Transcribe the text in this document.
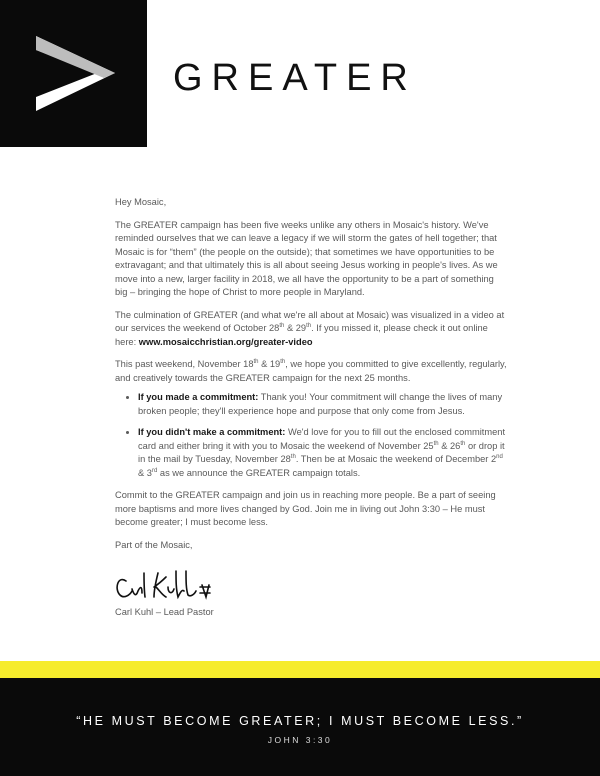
GREATER

Hey Mosaic,

The GREATER campaign has been five weeks unlike any others in Mosaic's history. We've reminded ourselves that we can leave a legacy if we will storm the gates of hell together; that Mosaic is for “them” (the people on the outside); that sometimes we have opportunities to be extravagant; and that ultimately this is all about seeing Jesus working in people's lives. As we move into a new, larger facility in 2018, we all have the opportunity to be a part of something big – bringing the hope of Christ to more people in Maryland.

The culmination of GREATER (and what we're all about at Mosaic) was visualized in a video at our services the weekend of October 28th & 29th. If you missed it, please check it out online here: www.mosaicchristian.org/greater-video

This past weekend, November 18th & 19th, we hope you committed to give excellently, regularly, and creatively towards the GREATER campaign for the next 25 months.

If you made a commitment: Thank you! Your commitment will change the lives of many broken people; they'll experience hope and purpose that only come from Jesus.
If you didn't make a commitment: We'd love for you to fill out the enclosed commitment card and either bring it with you to Mosaic the weekend of November 25th & 26th or drop it in the mail by Tuesday, November 28th. Then be at Mosaic the weekend of December 2nd & 3rd as we announce the GREATER campaign totals.

Commit to the GREATER campaign and join us in reaching more people. Be a part of seeing more baptisms and more lives changed by God. Join me in living out John 3:30 – He must become greater; I must become less.

Part of the Mosaic,

Carl Kuhl – Lead Pastor
“HE MUST BECOME GREATER; I MUST BECOME LESS.”
JOHN 3:30
